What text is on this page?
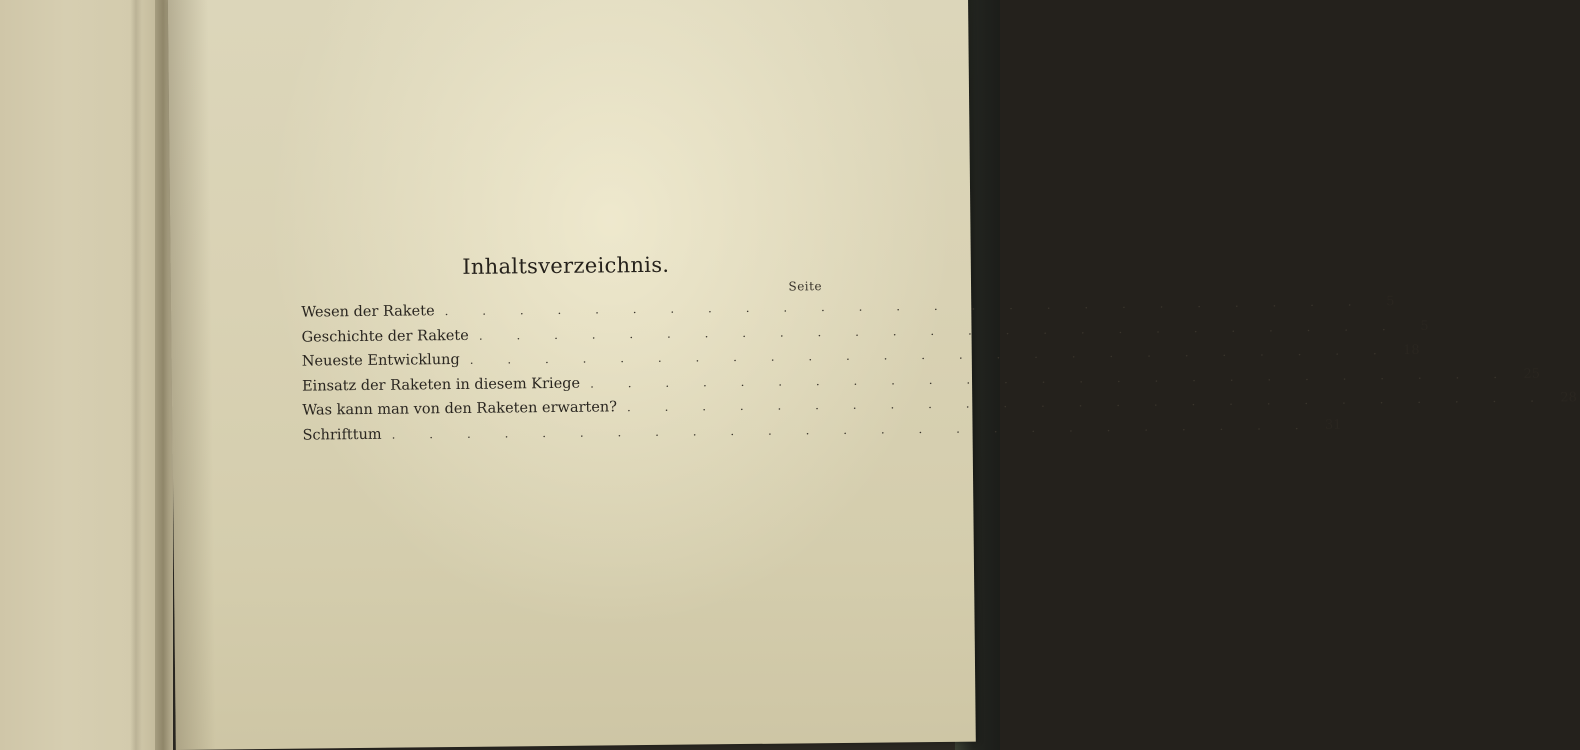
Inhaltsverzeichnis.
Seite
Wesen der Rakete . . . . . . . . . . . . . . . . . . . . . . . . .	5
Geschichte der Rakete . . . . . . . . . . . . . . . . . . . . . . . . .	5
Neueste Entwicklung . . . . . . . . . . . . . . . . . . . . . . . . . 18
Einsatz der Raketen in diesem Kriege . . . . . . . . . . . . . . . . . . . . . . . . . 25
Was kann man von den Raketen erwarten? . . . . . . . . . . . . . . . . . . . . . . . . . 28
Schrifttum . . . . . . . . . . . . . . . . . . . . . . . . . 31
